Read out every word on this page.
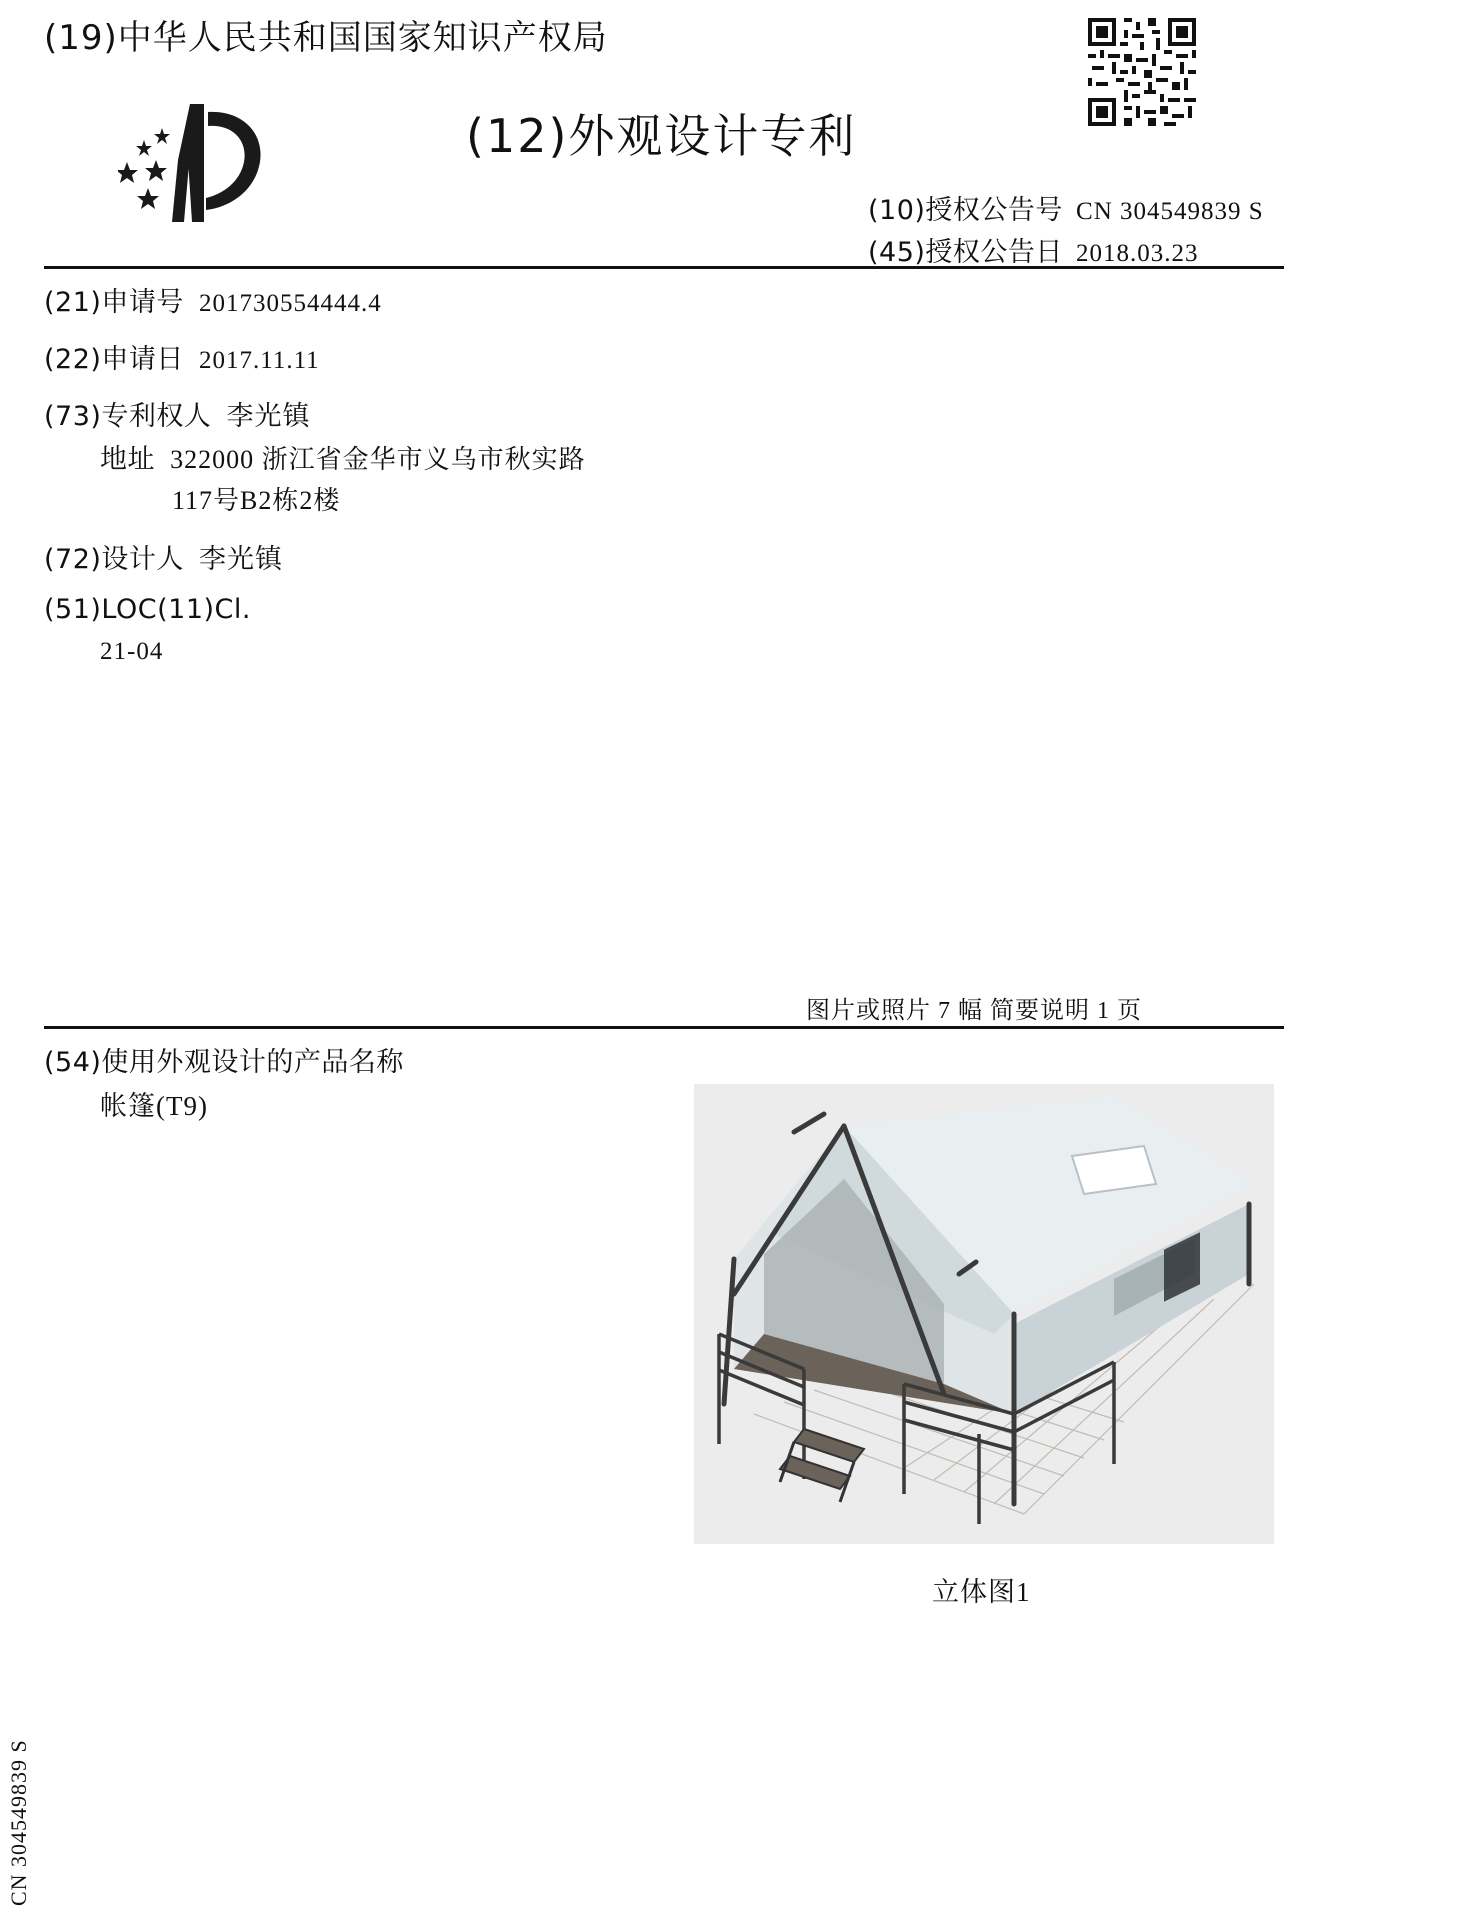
(19)中华人民共和国国家知识产权局
(12)外观设计专利
(10)授权公告号 CN 304549839 S
(45)授权公告日 2018.03.23
(21)申请号 201730554444.4
(22)申请日 2017.11.11
(73)专利权人 李光镇
地址 322000 浙江省金华市义乌市秋实路
117号B2栋2楼
(72)设计人 李光镇
(51)LOC(11)Cl.
21-04
图片或照片 7 幅 简要说明 1 页
(54)使用外观设计的产品名称
帐篷(T9)
立体图1
CN 304549839 S
